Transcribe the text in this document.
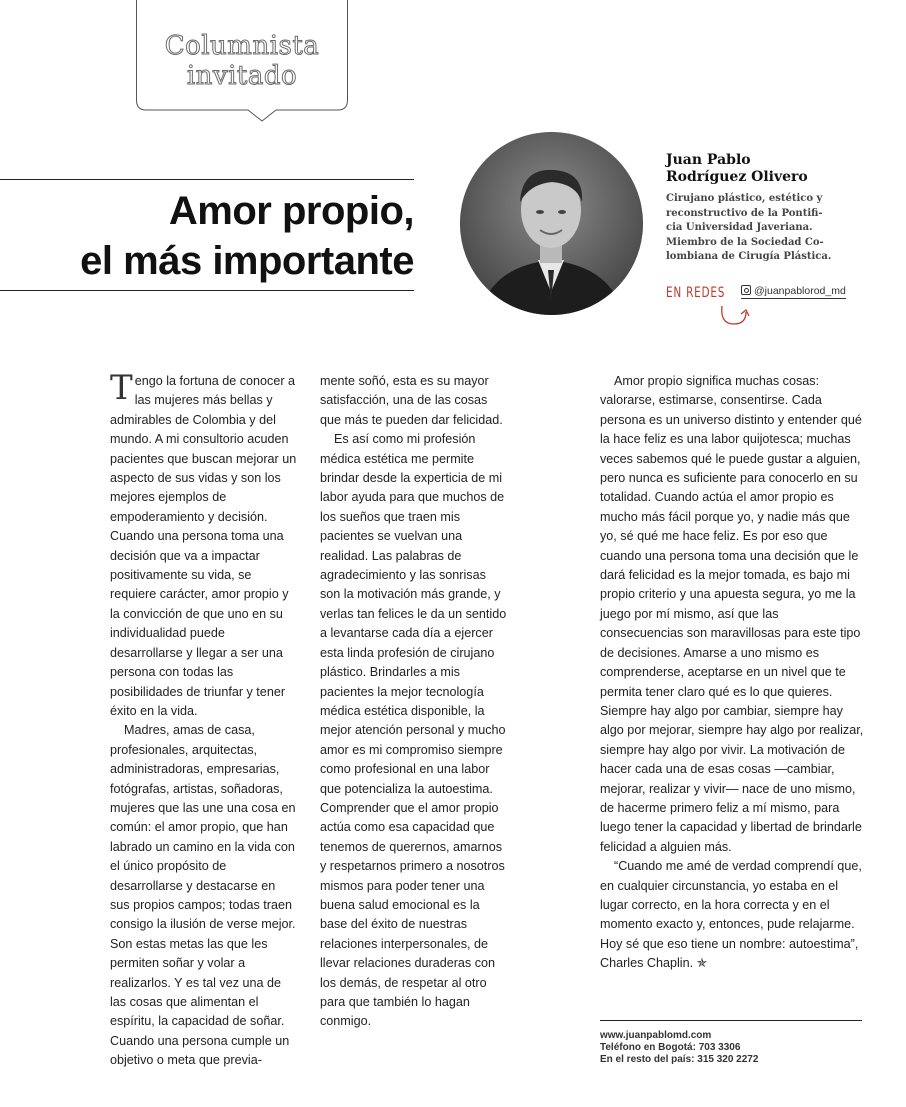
Columnista
invitado
Amor propio,
el más importante
Juan Pablo
Rodríguez Olivero
Cirujano plástico, estético y
reconstructivo de la Pontifi-
cia Universidad Javeriana.
Miembro de la Sociedad Co-
lombiana de Cirugía Plástica.
EN REDES	@juanpablorod_md

Tengo la fortuna de conocer a las mujeres más bellas y admirables de Colombia y del mundo. A mi consultorio acuden pacientes que buscan mejorar un aspecto de sus vidas y son los mejores ejemplos de empoderamiento y decisión. Cuando una persona toma una decisión que va a impactar positivamente su vida, se requiere carácter, amor propio y la convicción de que uno en su individualidad puede desarrollarse y llegar a ser una persona con todas las posibilidades de triunfar y tener éxito en la vida.

Madres, amas de casa, profesionales, arquitectas, administradoras, empresarias, fotógrafas, artistas, soñadoras, mujeres que las une una cosa en común: el amor propio, que han labrado un camino en la vida con el único propósito de desarrollarse y destacarse en sus propios campos; todas traen consigo la ilusión de verse mejor. Son estas metas las que les permiten soñar y volar a realizarlos. Y es tal vez una de las cosas que alimentan el espíritu, la capacidad de soñar. Cuando una persona cumple un objetivo o meta que previa-

mente soñó, esta es su mayor satisfacción, una de las cosas que más te pueden dar felicidad.

Es así como mi profesión médica estética me permite brindar desde la experticia de mi labor ayuda para que muchos de los sueños que traen mis pacientes se vuelvan una realidad. Las palabras de agradecimiento y las sonrisas son la motivación más grande, y verlas tan felices le da un sentido a levantarse cada día a ejercer esta linda profesión de cirujano plástico. Brindarles a mis pacientes la mejor tecnología médica estética disponible, la mejor atención personal y mucho amor es mi compromiso siempre como profesional en una labor que potencializa la autoestima. Comprender que el amor propio actúa como esa capacidad que tenemos de querernos, amarnos y respetarnos primero a nosotros mismos para poder tener una buena salud emocional es la base del éxito de nuestras relaciones interpersonales, de llevar relaciones duraderas con los demás, de respetar al otro para que también lo hagan conmigo.

Amor propio significa muchas cosas: valorarse, estimarse, consentirse. Cada persona es un universo distinto y entender qué la hace feliz es una labor quijotesca; muchas veces sabemos qué le puede gustar a alguien, pero nunca es suficiente para conocerlo en su totalidad. Cuando actúa el amor propio es mucho más fácil porque yo, y nadie más que yo, sé qué me hace feliz. Es por eso que cuando una persona toma una decisión que le dará felicidad es la mejor tomada, es bajo mi propio criterio y una apuesta segura, yo me la juego por mí mismo, así que las consecuencias son maravillosas para este tipo de decisiones. Amarse a uno mismo es comprenderse, aceptarse en un nivel que te permita tener claro qué es lo que quieres. Siempre hay algo por cambiar, siempre hay algo por mejorar, siempre hay algo por realizar, siempre hay algo por vivir. La motivación de hacer cada una de esas cosas —cambiar, mejorar, realizar y vivir— nace de uno mismo, de hacerme primero feliz a mí mismo, para luego tener la capacidad y libertad de brindarle felicidad a alguien más.

“Cuando me amé de verdad comprendí que, en cualquier circunstancia, yo estaba en el lugar correcto, en la hora correcta y en el momento exacto y, entonces, pude relajarme. Hoy sé que eso tiene un nombre: autoestima”, Charles Chaplin. ✯

www.juanpablomd.com
Teléfono en Bogotá: 703 3306
En el resto del país: 315 320 2272
